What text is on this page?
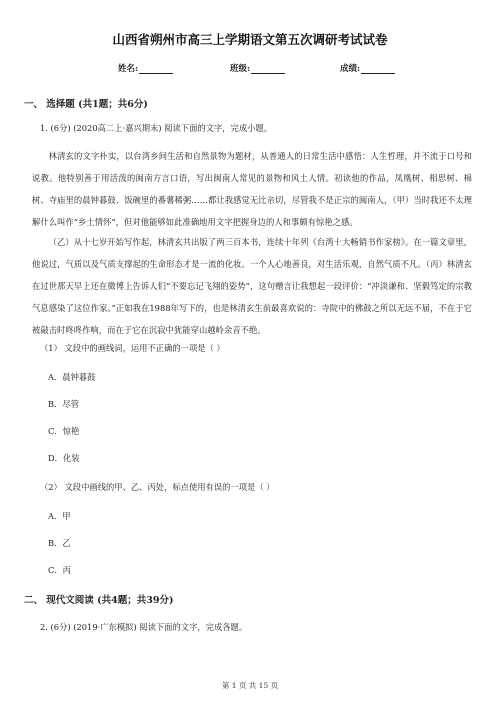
山西省朔州市高三上学期语文第五次调研考试试卷
姓名:	班级:	成绩:
一、 选择题 (共1题；共6分)
1. (6分) (2020高二上·嘉兴期末) 阅读下面的文字，完成小题。
林清玄的文字朴实，以台湾乡间生活和自然景物为题材，从普通人的日常生活中感悟：人生哲理，并不流于口号和说教。他特别善于用活泼的闽南方言口语，写出闽南人常见的景物和风土人情。初读他的作品，凤凰树、相思树、棉树、寺庙里的晨钟暮鼓、饭碗里的番薯稀粥……都让我感觉无比亲切，尽管我不是正宗的闽南人，（甲）当时我还不太理解什么叫作“乡土情怀”，但对他能够如此准确地用文字把握身边的人和事颇有惊艳之感。
（乙）从十七岁开始写作起，林清玄共出版了两三百本书，连续十年列《台湾十大畅销书作家榜》。在一篇文章里，他说过，气质以及气质支撑起的生命形态才是一流的化妆。一个人心地善良，对生活乐观，自然气质不凡。（丙）林清玄在过世那天早上还在微博上告诉人们“不要忘记飞翔的姿势”，这句赠言让我想起一段评价：“冲淡谦和、坚毅笃定的宗教气息感染了这位作家。”正如我在1988年写下的，也是林清玄生前最喜欢说的：寺院中的佛鼓之所以无远不届，不在于它被敲击时咚咚作响，而在于它在沉寂中犹能穿山越岭余音不绝。
（1） 文段中的画线词，运用不正确的一项是（ ）
A．晨钟暮鼓
B．尽管
C．惊艳
D．化装
（2） 文段中画线的甲、乙、丙处，标点使用有误的一项是（ ）
A．甲
B．乙
C．丙
二、 现代文阅读 (共4题；共39分)
2. (6分) (2019·广东模拟) 阅读下面的文字，完成各题。
第 1 页 共 15 页
